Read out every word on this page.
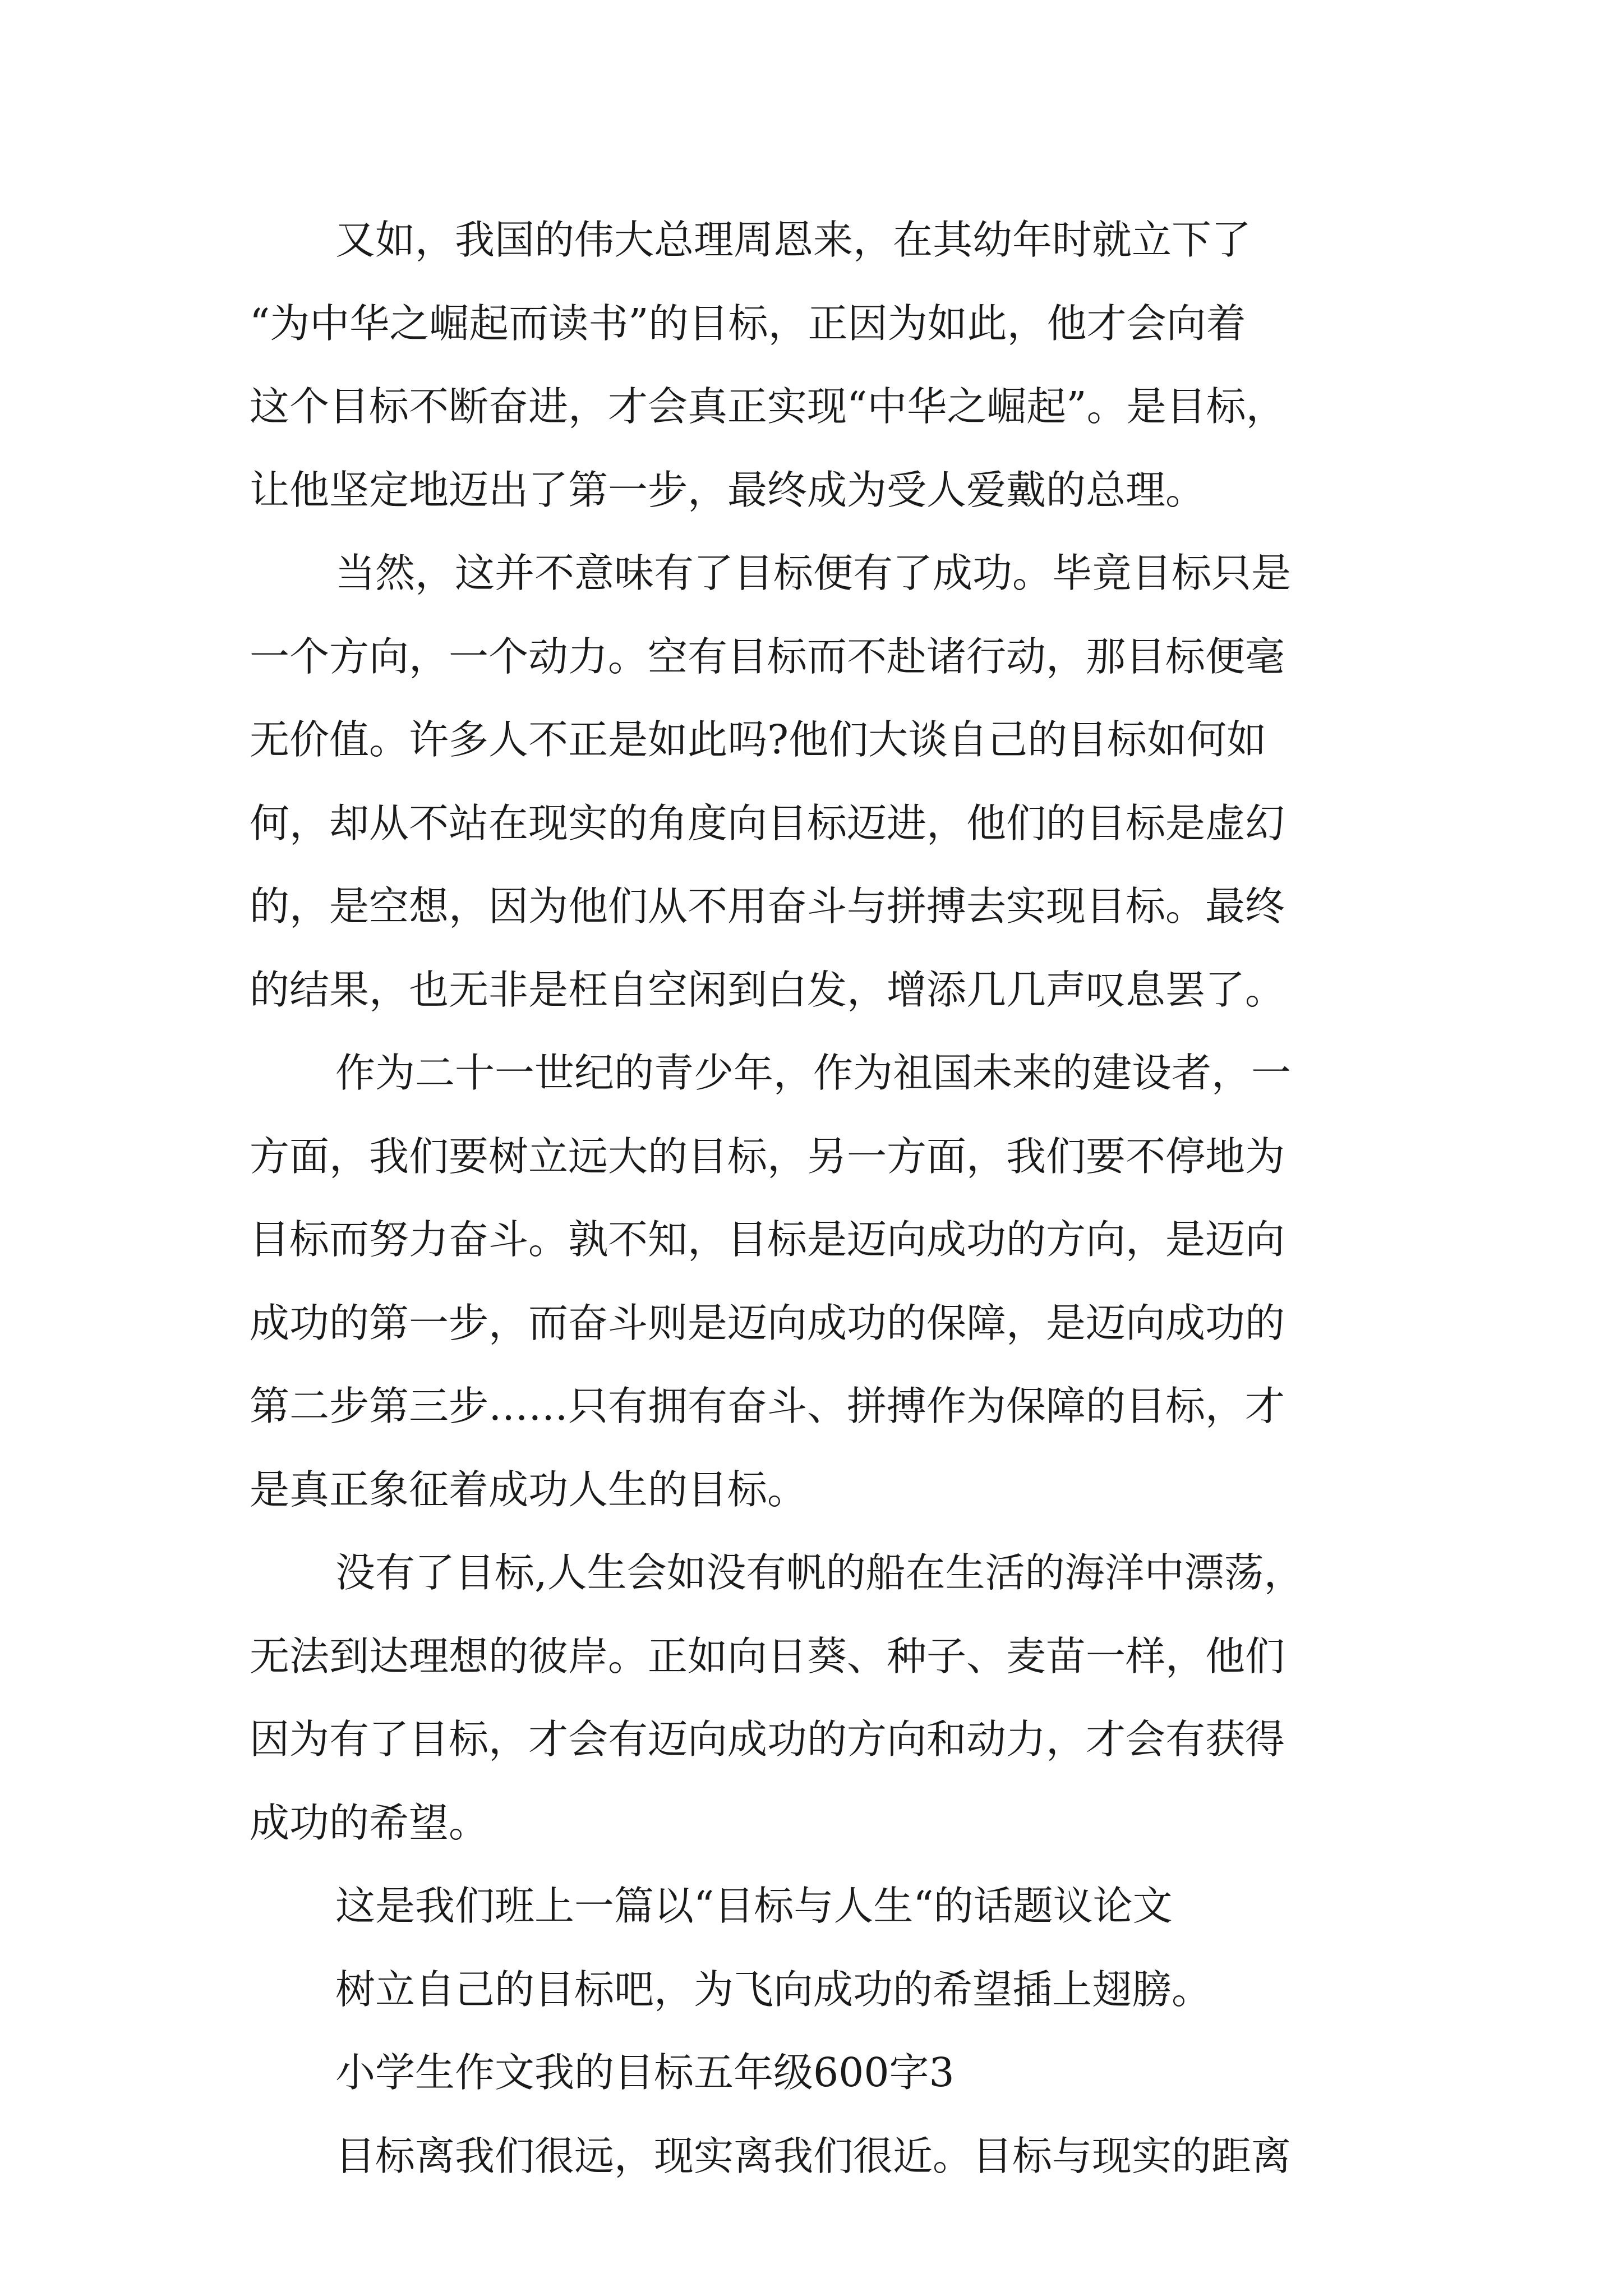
又如，我国的伟大总理周恩来，在其幼年时就立下了
“为中华之崛起而读书”的目标，正因为如此，他才会向着
这个目标不断奋进，才会真正实现“中华之崛起”。是目标，
让他坚定地迈出了第一步，最终成为受人爱戴的总理。
当然，这并不意味有了目标便有了成功。毕竟目标只是
一个方向，一个动力。空有目标而不赴诸行动，那目标便毫
无价值。许多人不正是如此吗?他们大谈自己的目标如何如
何，却从不站在现实的角度向目标迈进，他们的目标是虚幻
的，是空想，因为他们从不用奋斗与拼搏去实现目标。最终
的结果，也无非是枉自空闲到白发，增添几几声叹息罢了。
作为二十一世纪的青少年，作为祖国未来的建设者，一
方面，我们要树立远大的目标，另一方面，我们要不停地为
目标而努力奋斗。孰不知，目标是迈向成功的方向，是迈向
成功的第一步，而奋斗则是迈向成功的保障，是迈向成功的
第二步第三步……只有拥有奋斗、拼搏作为保障的目标，才
是真正象征着成功人生的目标。
没有了目标,人生会如没有帆的船在生活的海洋中漂荡，
无法到达理想的彼岸。正如向日葵、种子、麦苗一样，他们
因为有了目标，才会有迈向成功的方向和动力，才会有获得
成功的希望。
这是我们班上一篇以“目标与人生“的话题议论文
树立自己的目标吧，为飞向成功的希望插上翅膀。
小学生作文我的目标五年级600字3
目标离我们很远，现实离我们很近。目标与现实的距离
